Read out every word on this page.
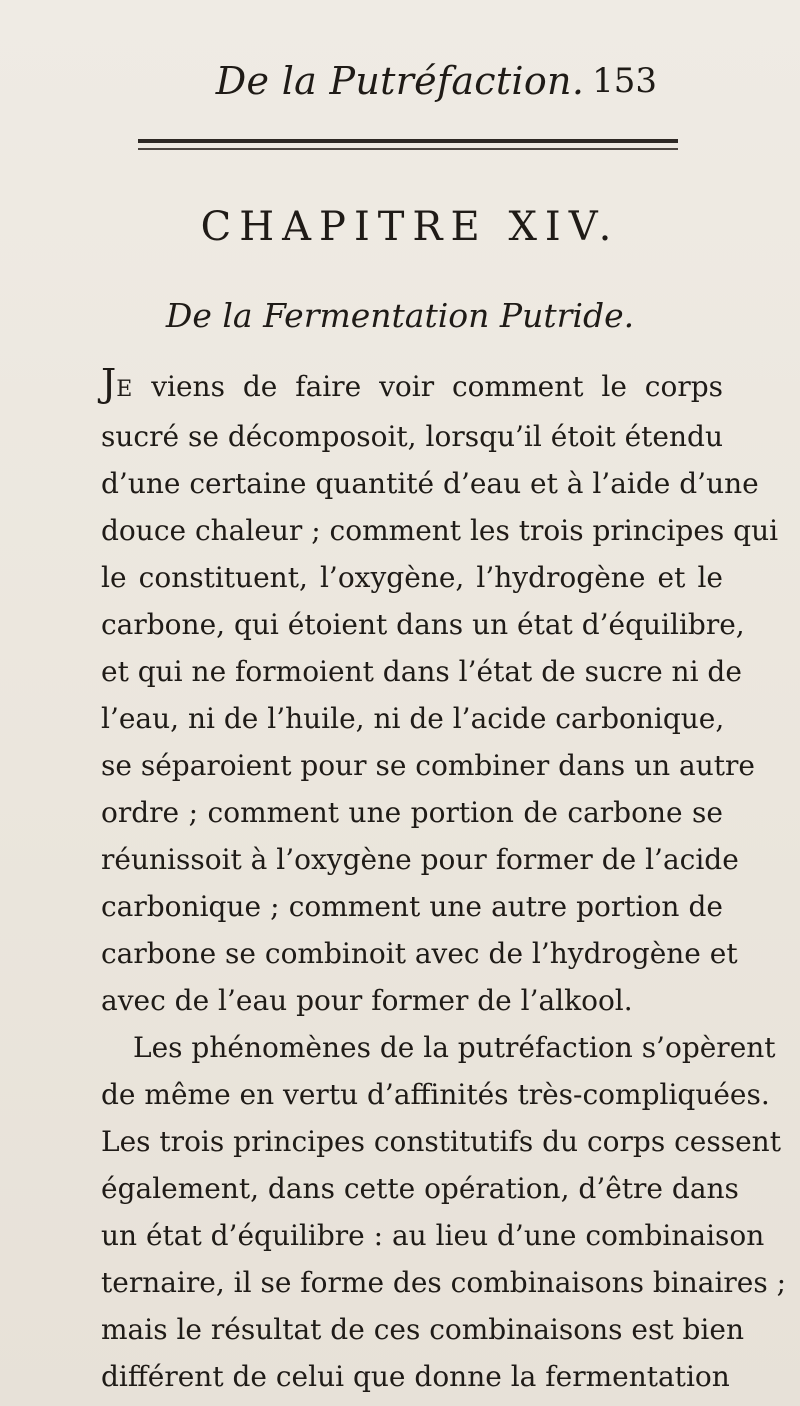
De la Putréfaction. 153
CHAPITRE XIV.
De la Fermentation Putride.
JE viens de faire voir comment le corps
sucré se décomposoit, lorsqu’il étoit étendu
d’une certaine quantité d’eau et à l’aide d’une
douce chaleur ; comment les trois principes qui
le constituent, l’oxygène, l’hydrogène et le
carbone, qui étoient dans un état d’équilibre,
et qui ne formoient dans l’état de sucre ni de
l’eau, ni de l’huile, ni de l’acide carbonique,
se séparoient pour se combiner dans un autre
ordre ; comment une portion de carbone se
réunissoit à l’oxygène pour former de l’acide
carbonique ; comment une autre portion de
carbone se combinoit avec de l’hydrogène et
avec de l’eau pour former de l’alkool.
Les phénomènes de la putréfaction s’opèrent
de même en vertu d’affinités très-compliquées.
Les trois principes constitutifs du corps cessent
également, dans cette opération, d’être dans
un état d’équilibre : au lieu d’une combinaison
ternaire, il se forme des combinaisons binaires ;
mais le résultat de ces combinaisons est bien
différent de celui que donne la fermentation
